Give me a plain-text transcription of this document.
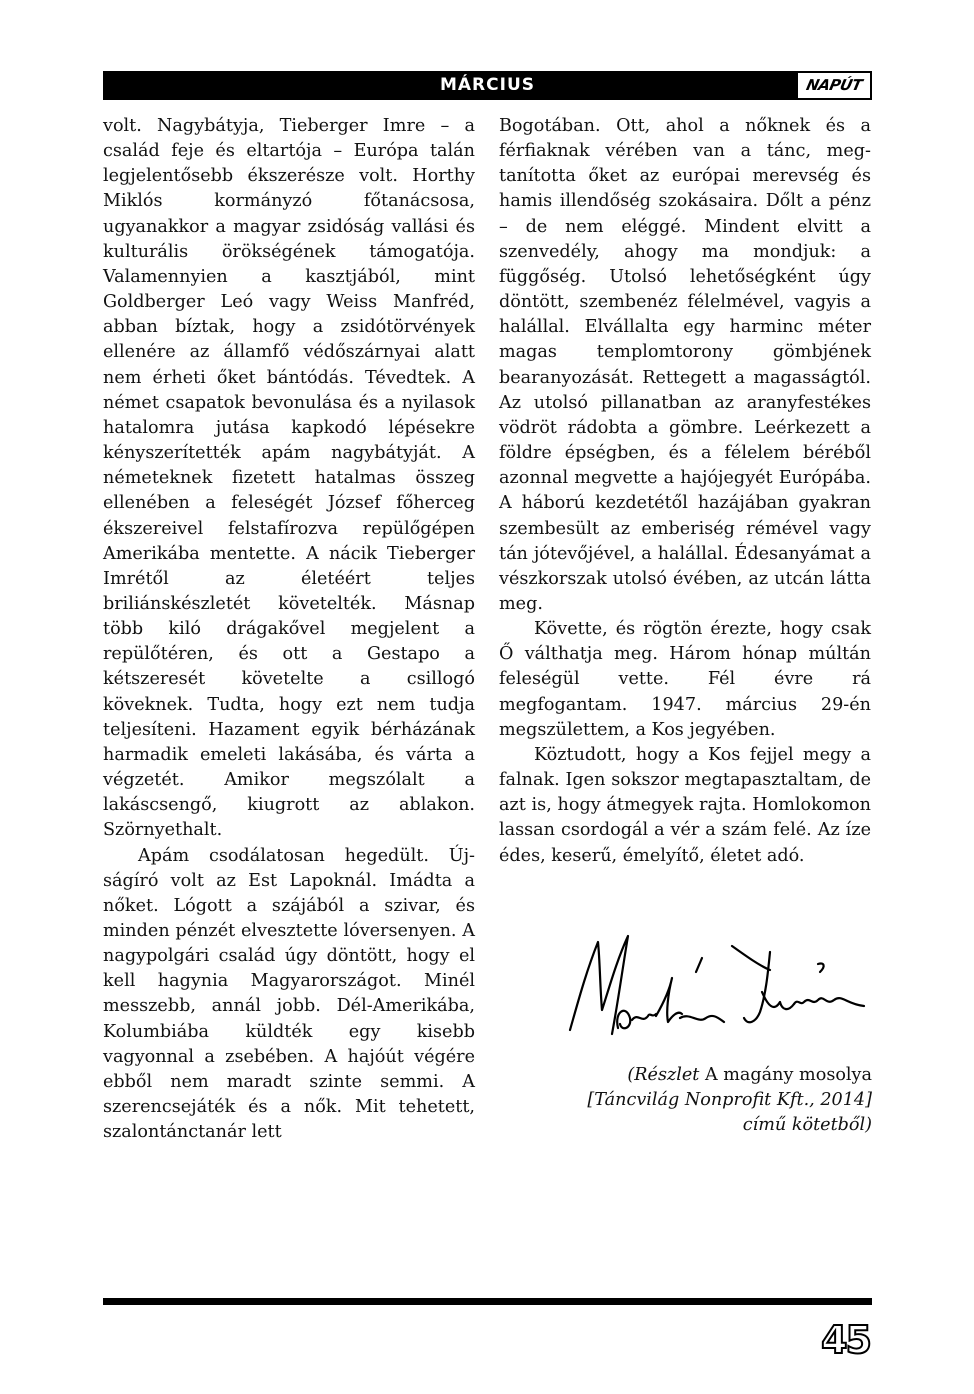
MÁRCIUS	NAPÚT

volt. Nagybátyja, Tieberger Imre – a család feje és eltartója – Európa talán legjelentősebb ékszerésze volt. Horthy Miklós kormányzó főtanácsosa, ugyanakkor a magyar zsidóság vallási és kulturális örökségének támogatója. Valamennyien a kasztjából, mint Goldberger Leó vagy Weiss Manfréd, abban bíztak, hogy a zsidótörvények ellenére az államfő védőszárnyai alatt nem érheti őket bántódás. Tévedtek. A német csapatok bevonulása és a nyilasok hatalomra jutása kapkodó lépésekre kényszerítették apám nagybátyját. A németeknek fizetett hatalmas összeg ellenében a feleségét József főherceg ékszereivel felstafírozva repülőgépen Amerikába mentette. A nácik Tieberger Imrétől az életéért teljes briliánskészletét követelték. Másnap több kiló drágakővel megjelent a repülőtéren, és ott a Gestapo a kétszeresét követelte a csillogó köveknek. Tudta, hogy ezt nem tudja teljesíteni. Hazament egyik bérházának harmadik emeleti lakásába, és várta a végzetét. Amikor megszólalt a lakáscsengő, kiugrott az ablakon. Szörnyethalt.

Apám csodálatosan hegedült. Újságíró volt az Est Lapoknál. Imádta a nőket. Lógott a szájából a szivar, és minden pénzét elvesztette lóversenyen. A nagypolgári család úgy döntött, hogy el kell hagynia Magyarországot. Minél messzebb, annál jobb. Dél-Amerikába, Kolumbiába küldték egy kisebb vagyonnal a zsebében. A hajóút végére ebből nem maradt szinte semmi. A szerencsejáték és a nők. Mit tehetett, szalontánctanár lett

Bogotában. Ott, ahol a nőknek és a férfiaknak vérében van a tánc, megtanította őket az európai merevség és hamis illendőség szokásaira. Dőlt a pénz – de nem eléggé. Mindent elvitt a szenvedély, ahogy ma mondjuk: a függőség. Utolsó lehetőségként úgy döntött, szembenéz félelmével, vagyis a halállal. Elvállalta egy harminc méter magas templomtorony gömbjének bearanyozását. Rettegett a magasságtól. Az utolsó pillanatban az aranyfestékes vödröt rádobta a gömbre. Leérkezett a földre épségben, és a félelem béréből azonnal megvette a hajójegyét Európába. A háború kezdetétől hazájában gyakran szembesült az emberiség rémével vagy tán jótevőjével, a halállal. Édesanyámat a vészkorszak utolsó évében, az utcán látta meg.

Követte, és rögtön érezte, hogy csak Ő válthatja meg. Három hónap múltán feleségül vette. Fél évre rá megfogantam. 1947. március 29-én megszülettem, a Kos jegyében.

Köztudott, hogy a Kos fejjel megy a falnak. Igen sokszor megtapasztaltam, de azt is, hogy átmegyek rajta. Homlokomon lassan csordogál a vér a szám felé. Az íze édes, keserű, émelyítő, életet adó.

(Részlet A magány mosolya
[Táncvilág Nonprofit Kft., 2014]
című kötetből)
45
